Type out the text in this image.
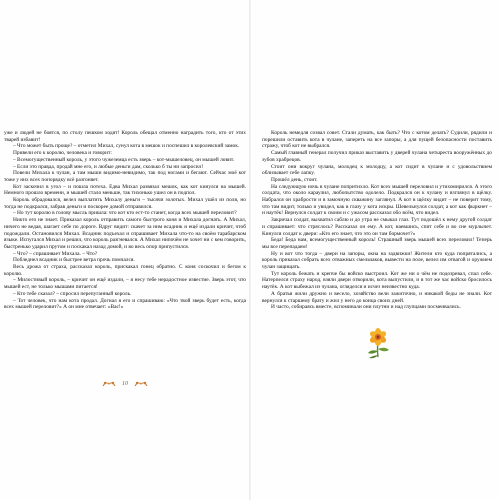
уже и людей не боятся, по столу пешком ходят! Король обещал отменно наградить того, кто от этих тварей избавит!

– Что может быть проще? – отметил Михал, сунул кота в мешок и поспешил в королевский замок.

Привели его к королю, человека и говорит:

– Всемогущественный король, у этого чужеземца есть зверь – кот-мышеловец, он мышей ловит.

– Если это правда, продай мне его, и любые деньги дам, сколько б ты ни запросил!

Повели Михала к чулан, а там мыши видимо-невидимо, так под ногами и бегают. Сейчас моё кот тоже у них всех попорядку всё разгоняет.

Кот заскочил в угол – и пошла потеха. Едва Михал развязал мешок, как кот кинулся на мышей. Немного прошло времени, и мышей стало меньше, так тихонько ушел он в подпол.

Король обрадовался, велел выплатить Михалу деньги – тысячи золотых. Михал ушёл из поля, но тогда не подкрался, забрав деньги и поскорее домой отправился.

– Но тут королю в голову мысль пришла: что кот кто ест-то станет, когда всех мышей переловит?

Никто его не знает. Приказал король отправить самого быстрого коня и Михала догнать. А Михал, ничего не ведая, шагает себе по дороге. Вдруг видит: скачет за ним всадник и ещё издали кричит, чтоб подождали. Остановился Михал. Всадник подъехал и спрашивает Михала что-то на своём тарабарском языке. Испугался Михал и решил, что король разгневался. А Михал нипочём не хочет ни с кем говорить, быстренько ударил прутом и поскакал назад домой, и во весь опор припустился.

– Что? – спрашивает Михала. – Что?

Побледнел всадник и быстрее ветра прочь помчался.

Весь дрожа от страха, рассказал король, прискакал гонец обратно. С коня соскочил и бегом к королю.

– Милостивый король, – кричит он ещё издали, – я несу тебе нерадостное известие. Зверь этот, что мышей ест, не только мышами питается!

– Кто тебе сказал? – спросил перепуганный король.

– Тот человек, что нам кота продал. Догнал я его и спрашиваю: «Что твой зверь будет есть, когда всех мышей переловит?» А он мне отвечает: «Вас!»

10

Король немедля созвал совет. Стали думать, как быть? Что с котом делать? Судили, рядили и порешили оставить кота в чулане, запереть на все запоры, а для пущей безопасности поставить стражу, чтоб кот не выбрался.

Самый главный генерал получил приказ выставить у дверей чулана четыреста вооружённых до зубов храбрецов.

Стоит они вокруг чулана, молодец к молодцу, а кот сидит в чулане и с удовольствием облизывает себе лапку.

Прошёл день, стоит.

На следующую ночь в чулане попритихло. Кот всех мышей переловил и утихомирился. А этого солдата, что около караулил, любопытство одолело. Подкрался он к чулану и взглянул в щёлку. Набрался он храбрости и в замочную скважину заглянул. А кот в щёлку видит – не поверит тому, что там видит, только и увидел, как в глазу у кота искры. Шевельнулся солдат, а кот как фыркнет – и наутёк! Вернулся солдат к своим и с ужасом рассказал обо всём, что видел.

Закричал солдат, выхватил саблю и до утра не смыкал глаз. Тут подошёл к нему другой солдат и спрашивает: что стряслось? Рассказал он ему. А кот, наевшись, спит себе и во сне мурлычет. Кинулся солдат к двери: «Кто его знает, что это он там бормочет?»

Беда! Беда нам, всемогущественный король! Страшный зверь мышей всех переловил! Теперь мы все перепадаем!

Ну и вот что тогда – двери на запоры, окна на задвижки! Жители кто куда попрятались, а король приказал собрать всех отважных смельчаков, вывести на поле, велел им отвагой и оружием чулан защищать.

Тут король бежать и крепче бы войско выстроил. Кот же ни о чём не подозревал, спал себе. Натерпелся страху народ, взяли двери отворили, кота выпустили, и в тот же час войско бросилось наутёк. А кот выбежал из чулана, огляделся и исчез неизвестно куда.

А братья жили дружно и весело, хозяйство вели зажиточно, и никакой беды не знали. Кот вернулся к старшему брату и жил у него до конца своих дней.

И часто, собираясь вместе, вспоминали они плутни и над глупцами посмеивались.
